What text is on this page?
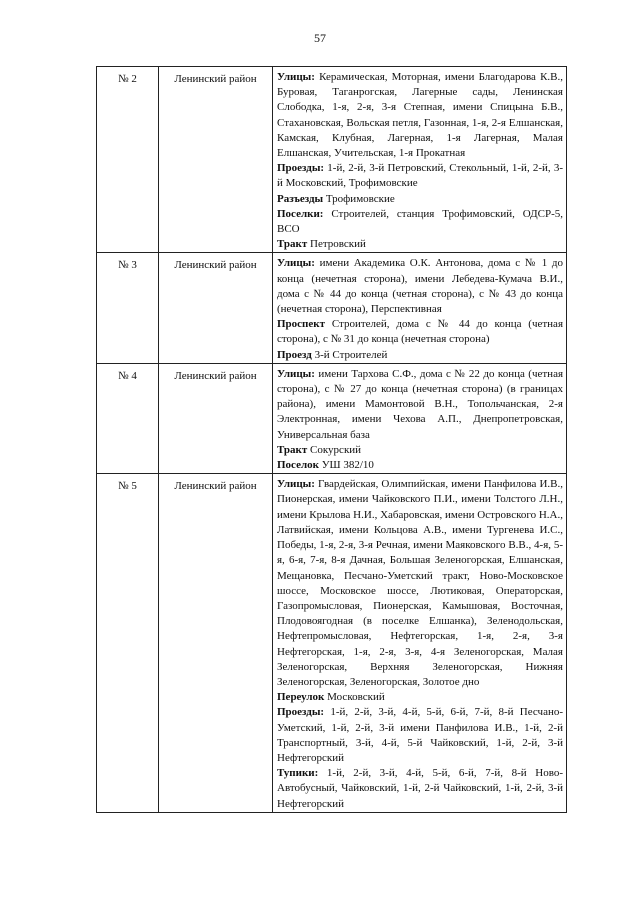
57
№ 2	Ленинский район	Улицы: Керамическая, Моторная, имени Благодарова К.В., Буровая, Таганрогская, Лагерные сады, Ленинская Слободка, 1-я, 2-я, 3-я Степная, имени Спицына Б.В., Стахановская, Вольская петля, Газонная, 1-я, 2-я Елшанская, Камская, Клубная, Лагерная, 1-я Лагерная, Малая Елшанская, Учительская, 1-я Прокатная
Проезды: 1-й, 2-й, 3-й Петровский, Стекольный, 1-й, 2-й, 3-й Московский, Трофимовские
Разъезды Трофимовские
Поселки: Строителей, станция Трофимовский, ОДСР-5, ВСО
Тракт Петровский

№ 3	Ленинский район	Улицы: имени Академика О.К. Антонова, дома с № 1 до конца (нечетная сторона), имени Лебедева-Кумача В.И., дома с № 44 до конца (четная сторона), с № 43 до конца (нечетная сторона), Перспективная
Проспект Строителей, дома с № 44 до конца (четная сторона), с № 31 до конца (нечетная сторона)
Проезд 3-й Строителей

№ 4	Ленинский район	Улицы: имени Тархова С.Ф., дома с № 22 до конца (четная сторона), с № 27 до конца (нечетная сторона) (в границах района), имени Мамонтовой В.Н., Топольчанская, 2-я Электронная, имени Чехова А.П., Днепропетровская, Универсальная база
Тракт Сокурский
Поселок УШ 382/10

№ 5	Ленинский район	Улицы: Гвардейская, Олимпийская, имени Панфилова И.В., Пионерская, имени Чайковского П.И., имени Толстого Л.Н., имени Крылова Н.И., Хабаровская, имени Островского Н.А., Латвийская, имени Кольцова А.В., имени Тургенева И.С., Победы, 1-я, 2-я, 3-я Речная, имени Маяковского В.В., 4-я, 5-я, 6-я, 7-я, 8-я Дачная, Большая Зеленогорская, Елшанская, Мещановка, Песчано-Уметский тракт, Ново-Московское шоссе, Московское шоссе, Лютиковая, Операторская, Газопромысловая, Пионерская, Камышовая, Восточная, Плодовоягодная (в поселке Елшанка), Зеленодольская, Нефтепромысловая, Нефтегорская, 1-я, 2-я, 3-я Нефтегорская, 1-я, 2-я, 3-я, 4-я Зеленогорская, Малая Зеленогорская, Верхняя Зеленогорская, Нижняя Зеленогорская, Зеленогорская, Золотое дно
Переулок Московский
Проезды: 1-й, 2-й, 3-й, 4-й, 5-й, 6-й, 7-й, 8-й Песчано-Уметский, 1-й, 2-й, 3-й имени Панфилова И.В., 1-й, 2-й Транспортный, 3-й, 4-й, 5-й Чайковский, 1-й, 2-й, 3-й Нефтегорский
Тупики: 1-й, 2-й, 3-й, 4-й, 5-й, 6-й, 7-й, 8-й Ново-Автобусный, Чайковский, 1-й, 2-й Чайковский, 1-й, 2-й, 3-й Нефтегорский
